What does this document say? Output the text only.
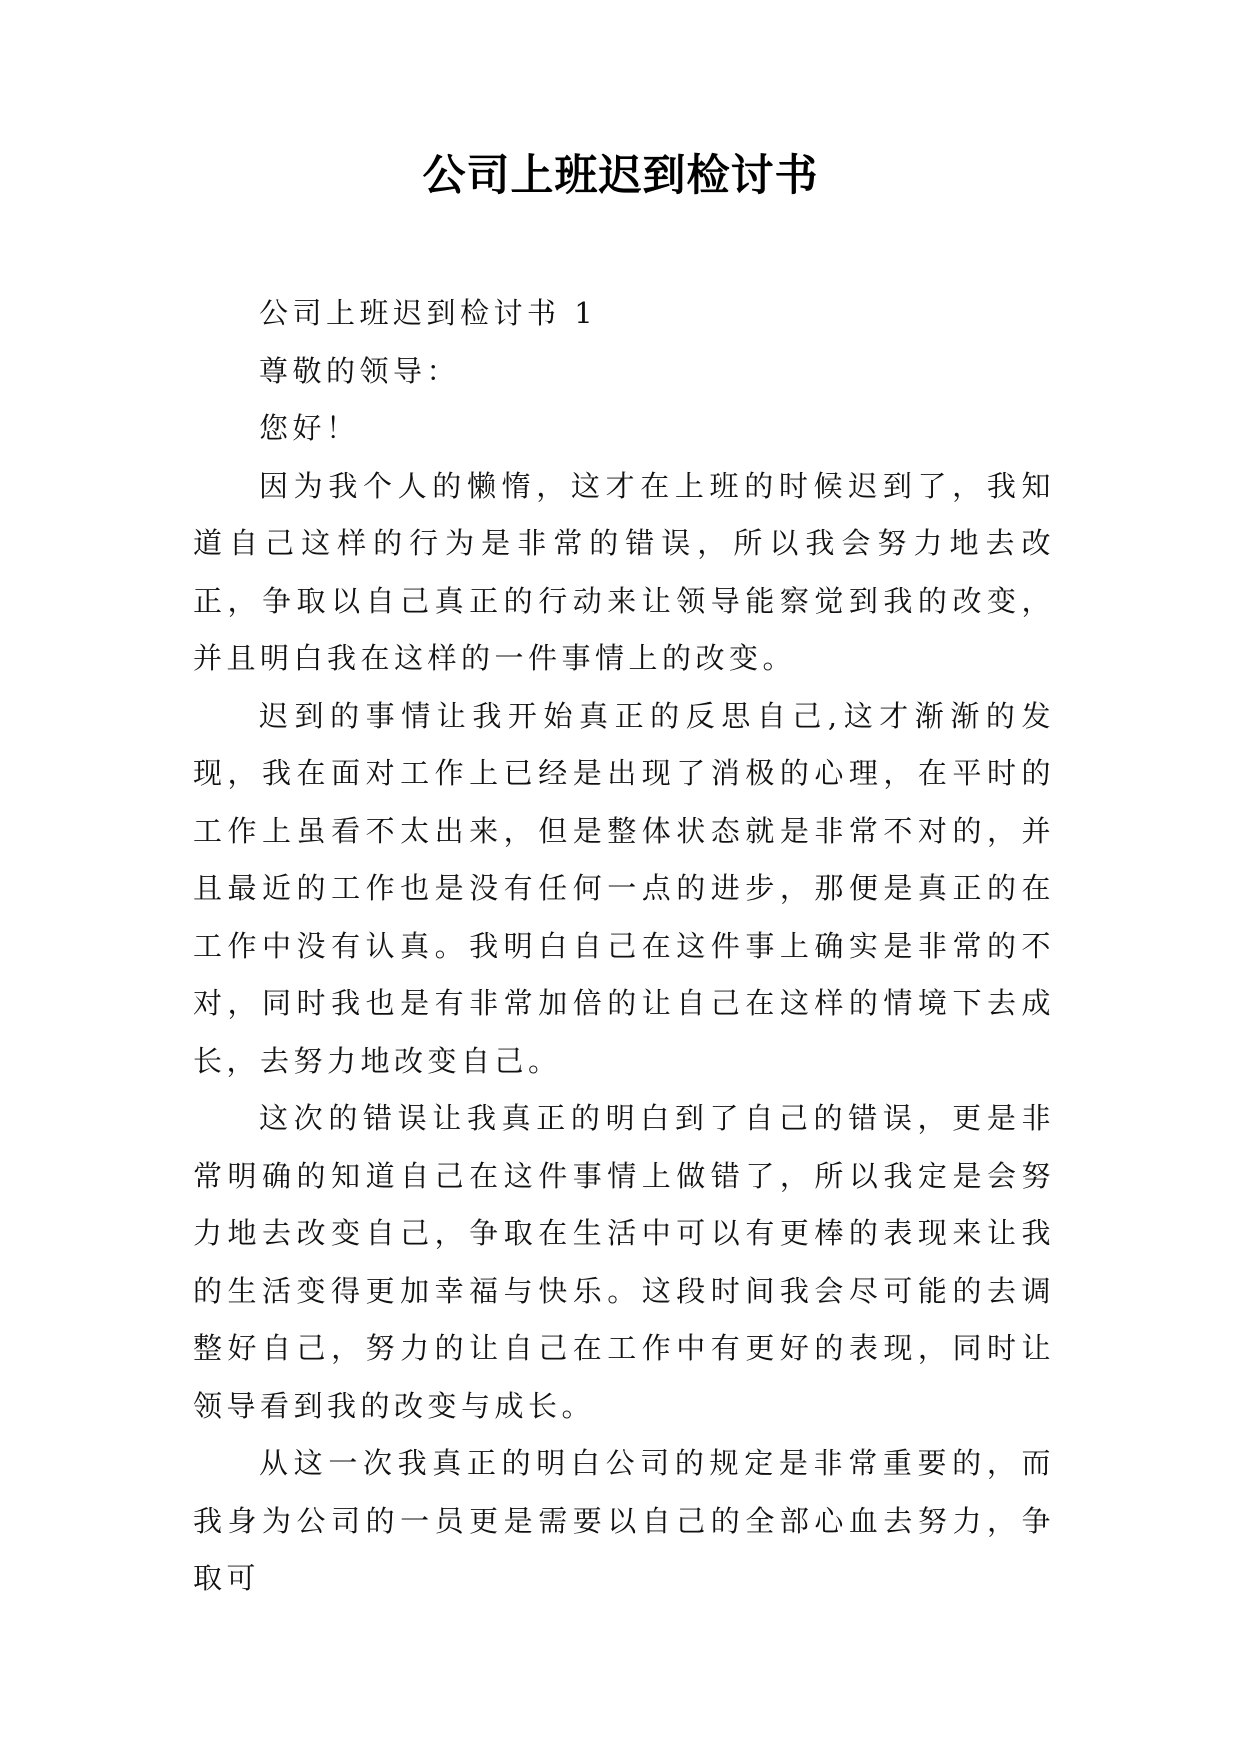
公司上班迟到检讨书

公司上班迟到检讨书 1

尊敬的领导：

您好！

因为我个人的懒惰，这才在上班的时候迟到了，我知道自己这样的行为是非常的错误，所以我会努力地去改正，争取以自己真正的行动来让领导能察觉到我的改变，并且明白我在这样的一件事情上的改变。

迟到的事情让我开始真正的反思自己,这才渐渐的发现，我在面对工作上已经是出现了消极的心理，在平时的工作上虽看不太出来，但是整体状态就是非常不对的，并且最近的工作也是没有任何一点的进步，那便是真正的在工作中没有认真。我明白自己在这件事上确实是非常的不对，同时我也是有非常加倍的让自己在这样的情境下去成长，去努力地改变自己。

这次的错误让我真正的明白到了自己的错误，更是非常明确的知道自己在这件事情上做错了，所以我定是会努力地去改变自己，争取在生活中可以有更棒的表现来让我的生活变得更加幸福与快乐。这段时间我会尽可能的去调整好自己，努力的让自己在工作中有更好的表现，同时让领导看到我的改变与成长。

从这一次我真正的明白公司的规定是非常重要的，而我身为公司的一员更是需要以自己的全部心血去努力，争取可
